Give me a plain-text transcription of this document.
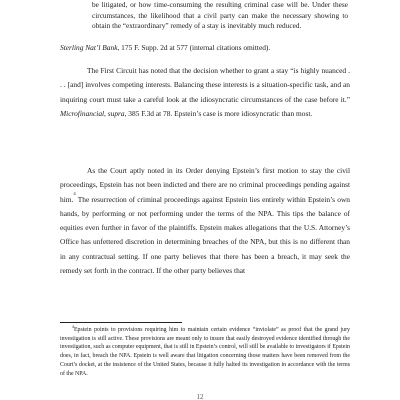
be litigated, or how time-consuming the resulting criminal case will be. Under these circumstances, the likelihood that a civil party can make the necessary showing to obtain the “extraordinary” remedy of a stay is inevitably much reduced.

Sterling Nat’l Bank, 175 F. Supp. 2d at 577 (internal citations omitted).

The First Circuit has noted that the decision whether to grant a stay “is highly nuanced . . . [and] involves competing interests. Balancing these interests is a situation-specific task, and an inquiring court must take a careful look at the idiosyncratic circumstances of the case before it.” Microfinancial, supra, 385 F.3d at 78. Epstein’s case is more idiosyncratic than most.

As the Court aptly noted in its Order denying Epstein’s first motion to stay the civil proceedings, Epstein has not been indicted and there are no criminal proceedings pending against him.$^4$ The resurrection of criminal proceedings against Epstein lies entirely within Epstein’s own hands, by performing or not performing under the terms of the NPA. This tips the balance of equities even further in favor of the plaintiffs. Epstein makes allegations that the U.S. Attorney’s Office has unfettered discretion in determining breaches of the NPA, but this is no different than in any contractual setting. If one party believes that there has been a breach, it may seek the remedy set forth in the contract. If the other party believes that

$^4$Epstein points to provisions requiring him to maintain certain evidence “inviolate” as proof that the grand jury investigation is still active. These provisions are meant only to insure that easily destroyed evidence identified through the investigation, such as computer equipment, that is still in Epstein’s control, will still be available to investigators if Epstein does, in fact, breach the NPA. Epstein is well aware that litigation concerning those matters have been removed from the Court’s docket, at the insistence of the United States, because it fully halted its investigation in accordance with the terms of the NPA.

12
